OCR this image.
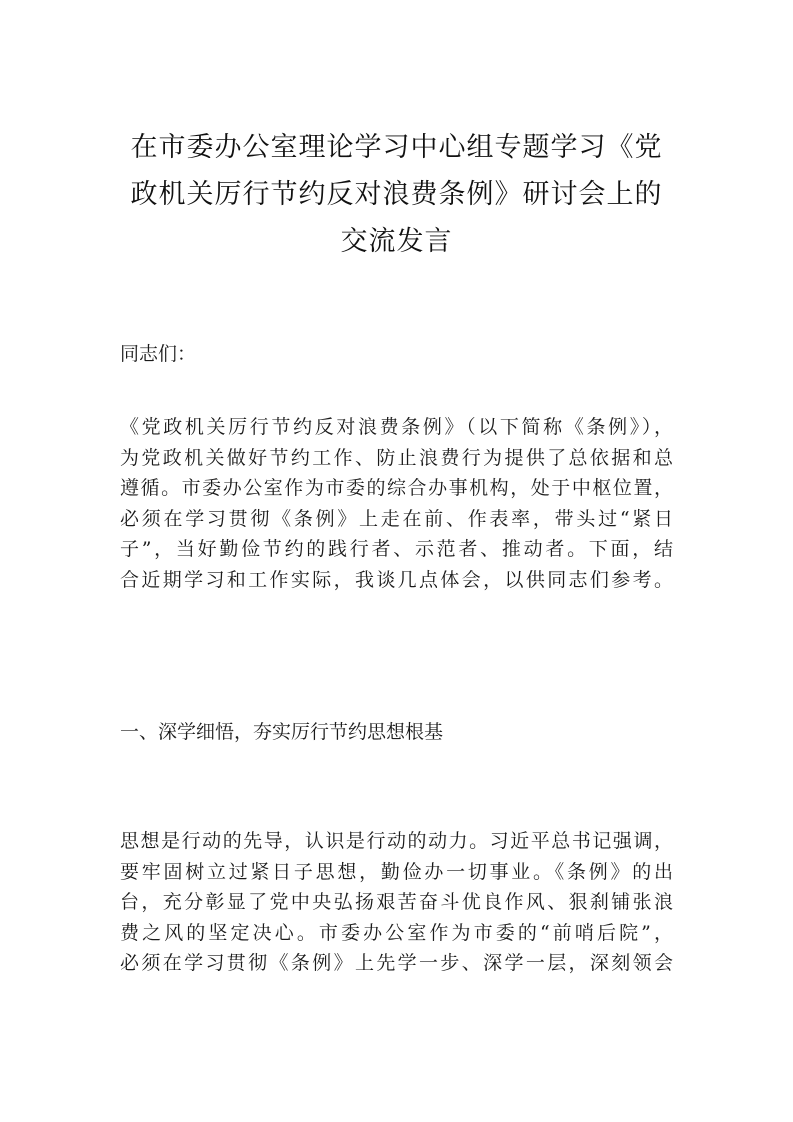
在市委办公室理论学习中心组专题学习《党
政机关厉行节约反对浪费条例》研讨会上的
交流发言

同志们：

《党政机关厉行节约反对浪费条例》（以下简称《条例》），
为党政机关做好节约工作、防止浪费行为提供了总依据和总
遵循。市委办公室作为市委的综合办事机构，处于中枢位置，
必须在学习贯彻《条例》上走在前、作表率，带头过“紧日
子”，当好勤俭节约的践行者、示范者、推动者。下面，结
合近期学习和工作实际，我谈几点体会，以供同志们参考。

一、深学细悟，夯实厉行节约思想根基

思想是行动的先导，认识是行动的动力。习近平总书记强调，
要牢固树立过紧日子思想，勤俭办一切事业。《条例》的出
台，充分彰显了党中央弘扬艰苦奋斗优良作风、狠刹铺张浪
费之风的坚定决心。市委办公室作为市委的“前哨后院”，
必须在学习贯彻《条例》上先学一步、深学一层，深刻领会
